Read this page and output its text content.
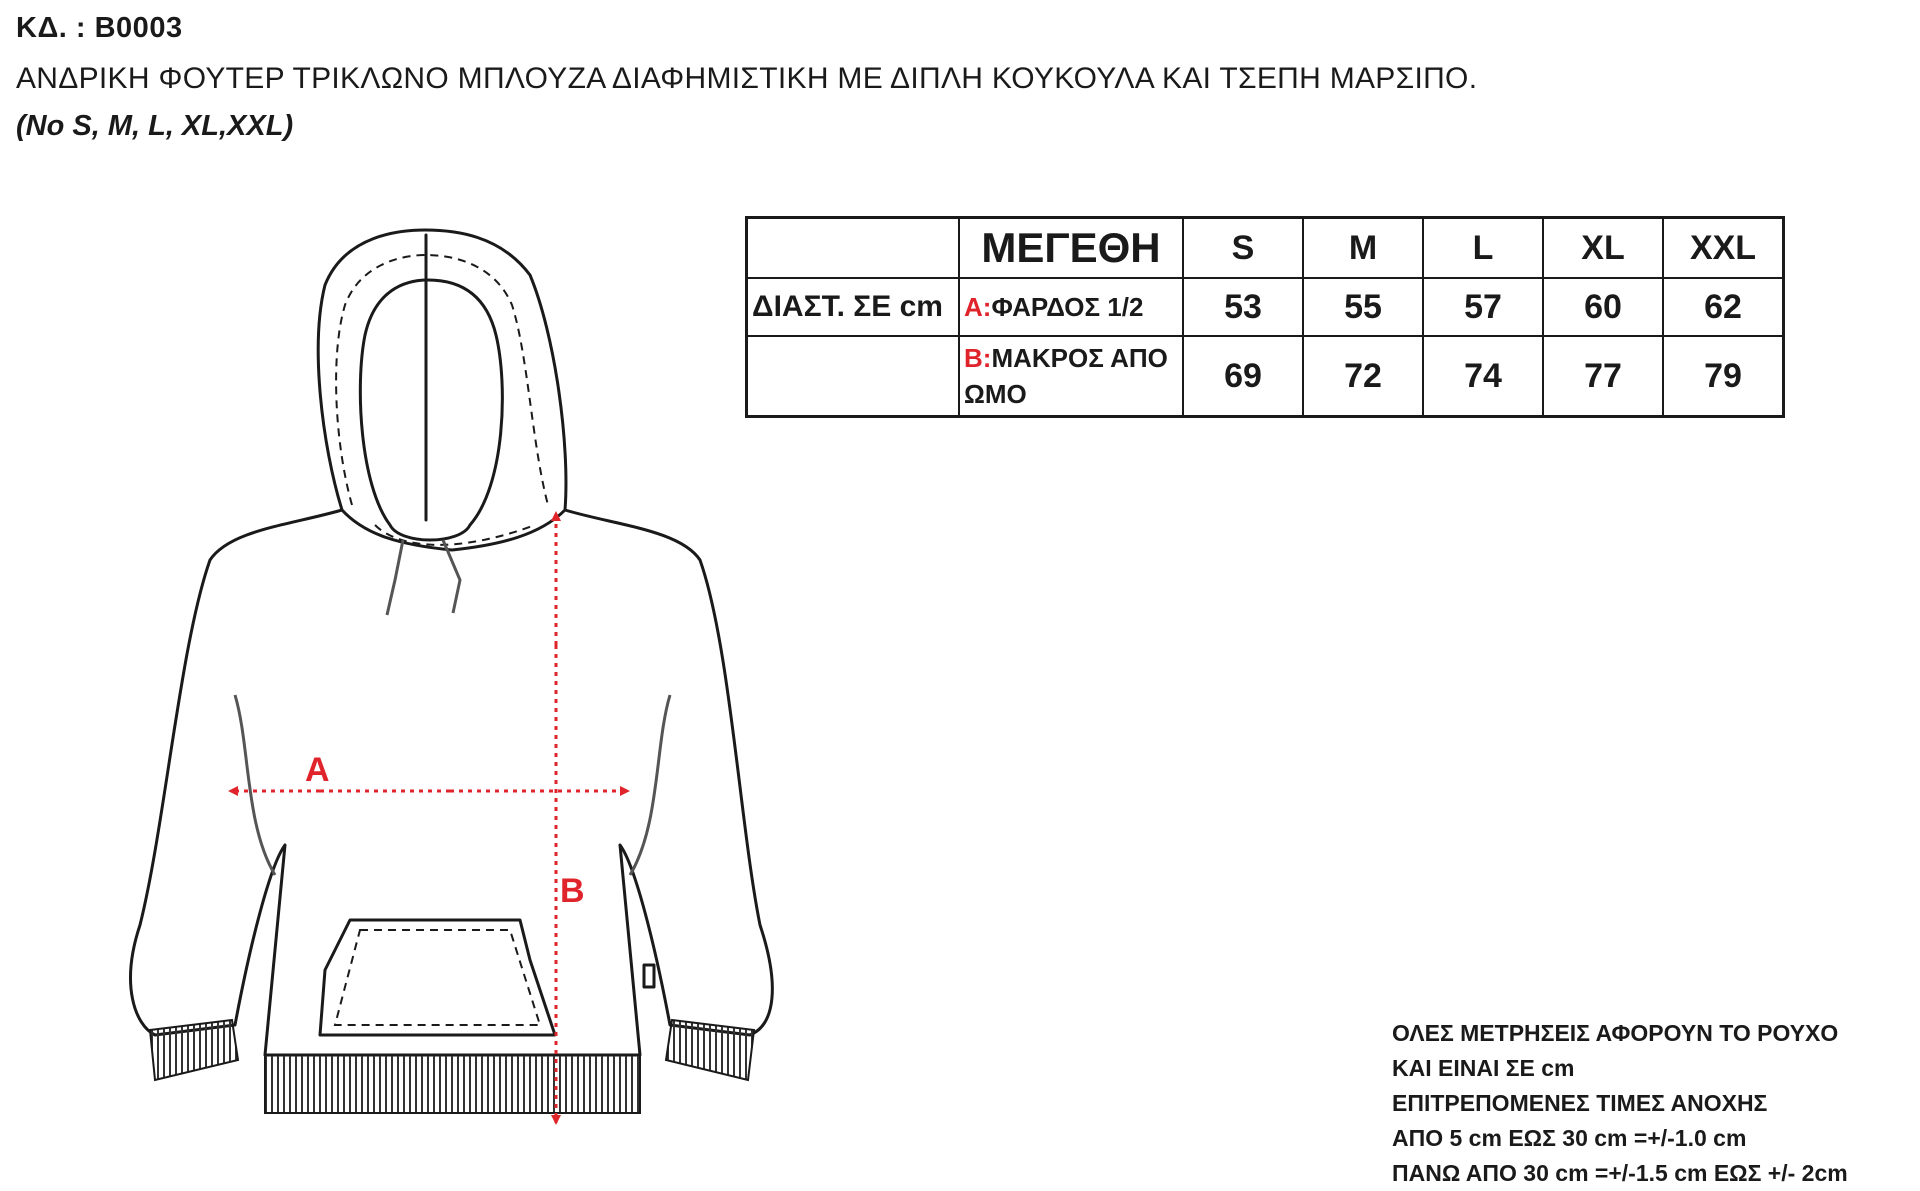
ΚΔ. : Β0003
ΑΝΔΡΙΚΗ ΦΟΥΤΕΡ ΤΡΙΚΛΩΝΟ ΜΠΛΟΥΖΑ ΔΙΑΦΗΜΙΣΤΙΚΗ ΜΕ ΔΙΠΛΗ ΚΟΥΚΟΥΛΑ ΚΑΙ ΤΣΕΠΗ ΜΑΡΣΙΠΟ.
(Νο S, M, L, XL,XXL)
	ΜΕΓΕΘΗ	S	M	L	XL	XXL
ΔΙΑΣΤ. ΣΕ cm	A:ΦΑΡΔΟΣ 1/2	53	55	57	60	62
	B:ΜΑΚΡΟΣ ΑΠΟ
ΩΜΟ	69	72	74	77	79
A
B
ΟΛΕΣ ΜΕΤΡΗΣΕΙΣ ΑΦΟΡΟΥΝ ΤΟ ΡΟΥΧΟ
ΚΑΙ ΕΙΝΑΙ ΣΕ cm
ΕΠΙΤΡΕΠΟΜΕΝΕΣ ΤΙΜΕΣ ΑΝΟΧΗΣ
ΑΠΟ 5 cm ΕΩΣ 30 cm =+/-1.0 cm
ΠΑΝΩ ΑΠΟ 30 cm =+/-1.5 cm ΕΩΣ +/- 2cm
